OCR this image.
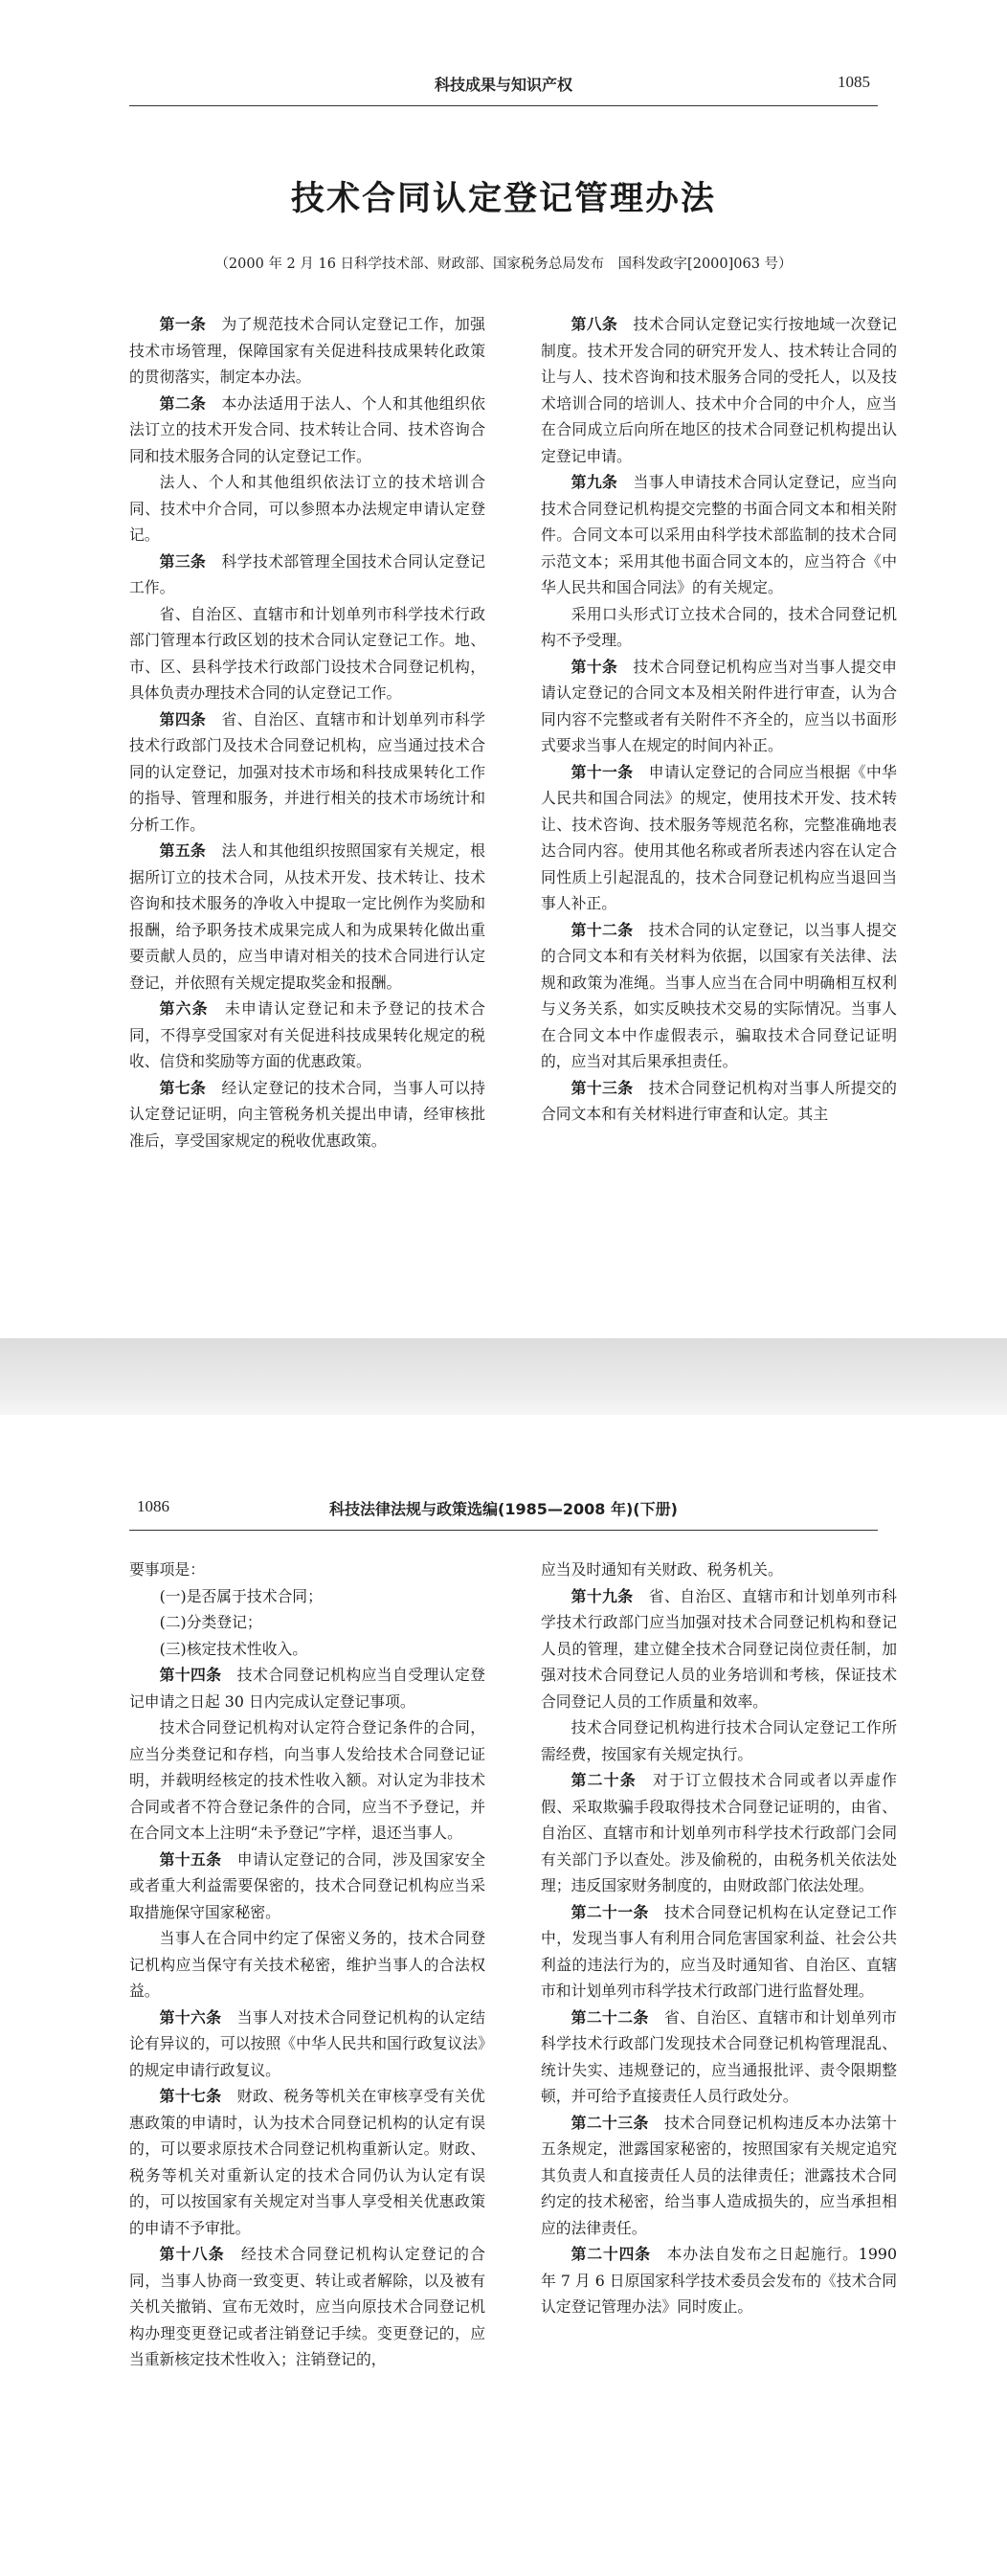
科技成果与知识产权	1085
技术合同认定登记管理办法
（2000 年 2 月 16 日科学技术部、财政部、国家税务总局发布　国科发政字[2000]063 号）

第一条　 为了规范技术合同认定登记工作，加强技术市场管理，保障国家有关促进科技成果转化政策的贯彻落实，制定本办法。

第二条　 本办法适用于法人、个人和其他组织依法订立的技术开发合同、技术转让合同、技术咨询合同和技术服务合同的认定登记工作。

法人、个人和其他组织依法订立的技术培训合同、技术中介合同，可以参照本办法规定申请认定登记。

第三条　 科学技术部管理全国技术合同认定登记工作。

省、自治区、直辖市和计划单列市科学技术行政部门管理本行政区划的技术合同认定登记工作。地、市、区、县科学技术行政部门设技术合同登记机构，具体负责办理技术合同的认定登记工作。

第四条　 省、自治区、直辖市和计划单列市科学技术行政部门及技术合同登记机构，应当通过技术合同的认定登记，加强对技术市场和科技成果转化工作的指导、管理和服务，并进行相关的技术市场统计和分析工作。

第五条　 法人和其他组织按照国家有关规定，根据所订立的技术合同，从技术开发、技术转让、技术咨询和技术服务的净收入中提取一定比例作为奖励和报酬，给予职务技术成果完成人和为成果转化做出重要贡献人员的，应当申请对相关的技术合同进行认定登记，并依照有关规定提取奖金和报酬。

第六条　 未申请认定登记和未予登记的技术合同，不得享受国家对有关促进科技成果转化规定的税收、信贷和奖励等方面的优惠政策。

第七条　 经认定登记的技术合同，当事人可以持认定登记证明，向主管税务机关提出申请，经审核批准后，享受国家规定的税收优惠政策。

第八条　 技术合同认定登记实行按地域一次登记制度。技术开发合同的研究开发人、技术转让合同的让与人、技术咨询和技术服务合同的受托人，以及技术培训合同的培训人、技术中介合同的中介人，应当在合同成立后向所在地区的技术合同登记机构提出认定登记申请。

第九条　 当事人申请技术合同认定登记，应当向技术合同登记机构提交完整的书面合同文本和相关附件。合同文本可以采用由科学技术部监制的技术合同示范文本；采用其他书面合同文本的，应当符合《中华人民共和国合同法》的有关规定。

采用口头形式订立技术合同的，技术合同登记机构不予受理。

第十条　 技术合同登记机构应当对当事人提交申请认定登记的合同文本及相关附件进行审查，认为合同内容不完整或者有关附件不齐全的，应当以书面形式要求当事人在规定的时间内补正。

第十一条　 申请认定登记的合同应当根据《中华人民共和国合同法》的规定，使用技术开发、技术转让、技术咨询、技术服务等规范名称，完整准确地表达合同内容。使用其他名称或者所表述内容在认定合同性质上引起混乱的，技术合同登记机构应当退回当事人补正。

第十二条　 技术合同的认定登记，以当事人提交的合同文本和有关材料为依据，以国家有关法律、法规和政策为准绳。当事人应当在合同中明确相互权利与义务关系，如实反映技术交易的实际情况。当事人在合同文本中作虚假表示，骗取技术合同登记证明的，应当对其后果承担责任。

第十三条　 技术合同登记机构对当事人所提交的合同文本和有关材料进行审查和认定。其主

1086	科技法律法规与政策选编(1985—2008 年)(下册)

要事项是：

(一)是否属于技术合同；

(二)分类登记；

(三)核定技术性收入。

第十四条　 技术合同登记机构应当自受理认定登记申请之日起 30 日内完成认定登记事项。

技术合同登记机构对认定符合登记条件的合同，应当分类登记和存档，向当事人发给技术合同登记证明，并载明经核定的技术性收入额。对认定为非技术合同或者不符合登记条件的合同，应当不予登记，并在合同文本上注明“未予登记”字样，退还当事人。

第十五条　 申请认定登记的合同，涉及国家安全或者重大利益需要保密的，技术合同登记机构应当采取措施保守国家秘密。

当事人在合同中约定了保密义务的，技术合同登记机构应当保守有关技术秘密，维护当事人的合法权益。

第十六条　 当事人对技术合同登记机构的认定结论有异议的，可以按照《中华人民共和国行政复议法》的规定申请行政复议。

第十七条　 财政、税务等机关在审核享受有关优惠政策的申请时，认为技术合同登记机构的认定有误的，可以要求原技术合同登记机构重新认定。财政、税务等机关对重新认定的技术合同仍认为认定有误的，可以按国家有关规定对当事人享受相关优惠政策的申请不予审批。

第十八条　 经技术合同登记机构认定登记的合同，当事人协商一致变更、转让或者解除，以及被有关机关撤销、宣布无效时，应当向原技术合同登记机构办理变更登记或者注销登记手续。变更登记的，应当重新核定技术性收入；注销登记的，

应当及时通知有关财政、税务机关。

第十九条　 省、自治区、直辖市和计划单列市科学技术行政部门应当加强对技术合同登记机构和登记人员的管理，建立健全技术合同登记岗位责任制，加强对技术合同登记人员的业务培训和考核，保证技术合同登记人员的工作质量和效率。

技术合同登记机构进行技术合同认定登记工作所需经费，按国家有关规定执行。

第二十条　 对于订立假技术合同或者以弄虚作假、采取欺骗手段取得技术合同登记证明的，由省、自治区、直辖市和计划单列市科学技术行政部门会同有关部门予以查处。涉及偷税的，由税务机关依法处理；违反国家财务制度的，由财政部门依法处理。

第二十一条　 技术合同登记机构在认定登记工作中，发现当事人有利用合同危害国家利益、社会公共利益的违法行为的，应当及时通知省、自治区、直辖市和计划单列市科学技术行政部门进行监督处理。

第二十二条　 省、自治区、直辖市和计划单列市科学技术行政部门发现技术合同登记机构管理混乱、统计失实、违规登记的，应当通报批评、责令限期整顿，并可给予直接责任人员行政处分。

第二十三条　 技术合同登记机构违反本办法第十五条规定，泄露国家秘密的，按照国家有关规定追究其负责人和直接责任人员的法律责任；泄露技术合同约定的技术秘密，给当事人造成损失的，应当承担相应的法律责任。

第二十四条　 本办法自发布之日起施行。1990 年 7 月 6 日原国家科学技术委员会发布的《技术合同认定登记管理办法》同时废止。
